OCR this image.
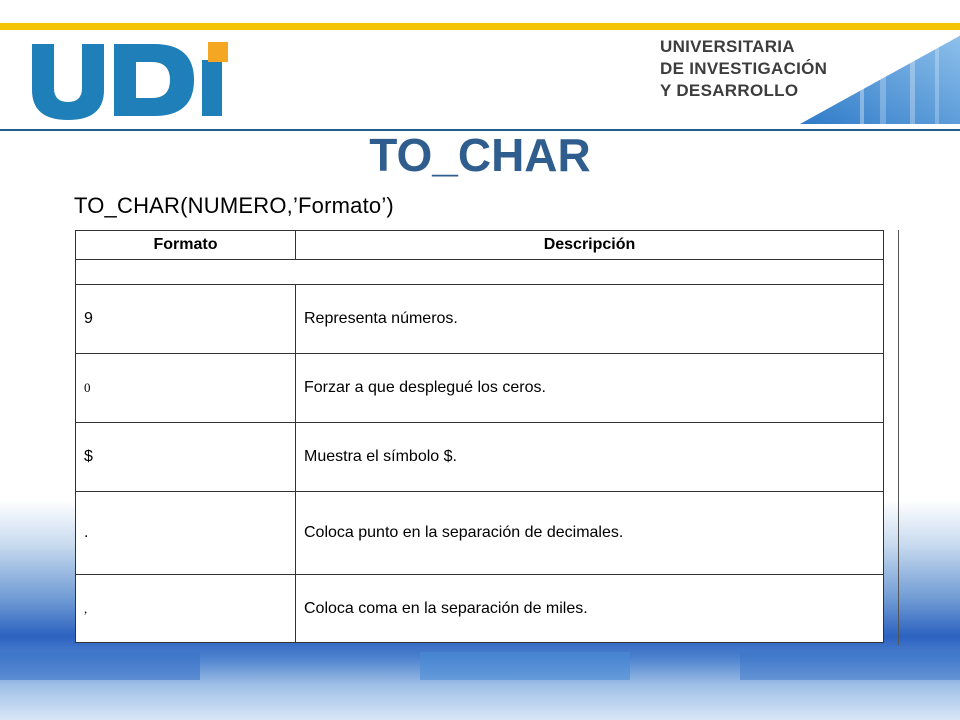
UNIVERSITARIA
DE INVESTIGACIÓN
Y DESARROLLO
TO_CHAR
TO_CHAR(NUMERO,’Formato’)
Formato	Descripción

9	Representa números.
0	Forzar a que desplegué los ceros.
$	Muestra el símbolo $.
.	Coloca punto en la separación de decimales.
,	Coloca coma en la separación de miles.
